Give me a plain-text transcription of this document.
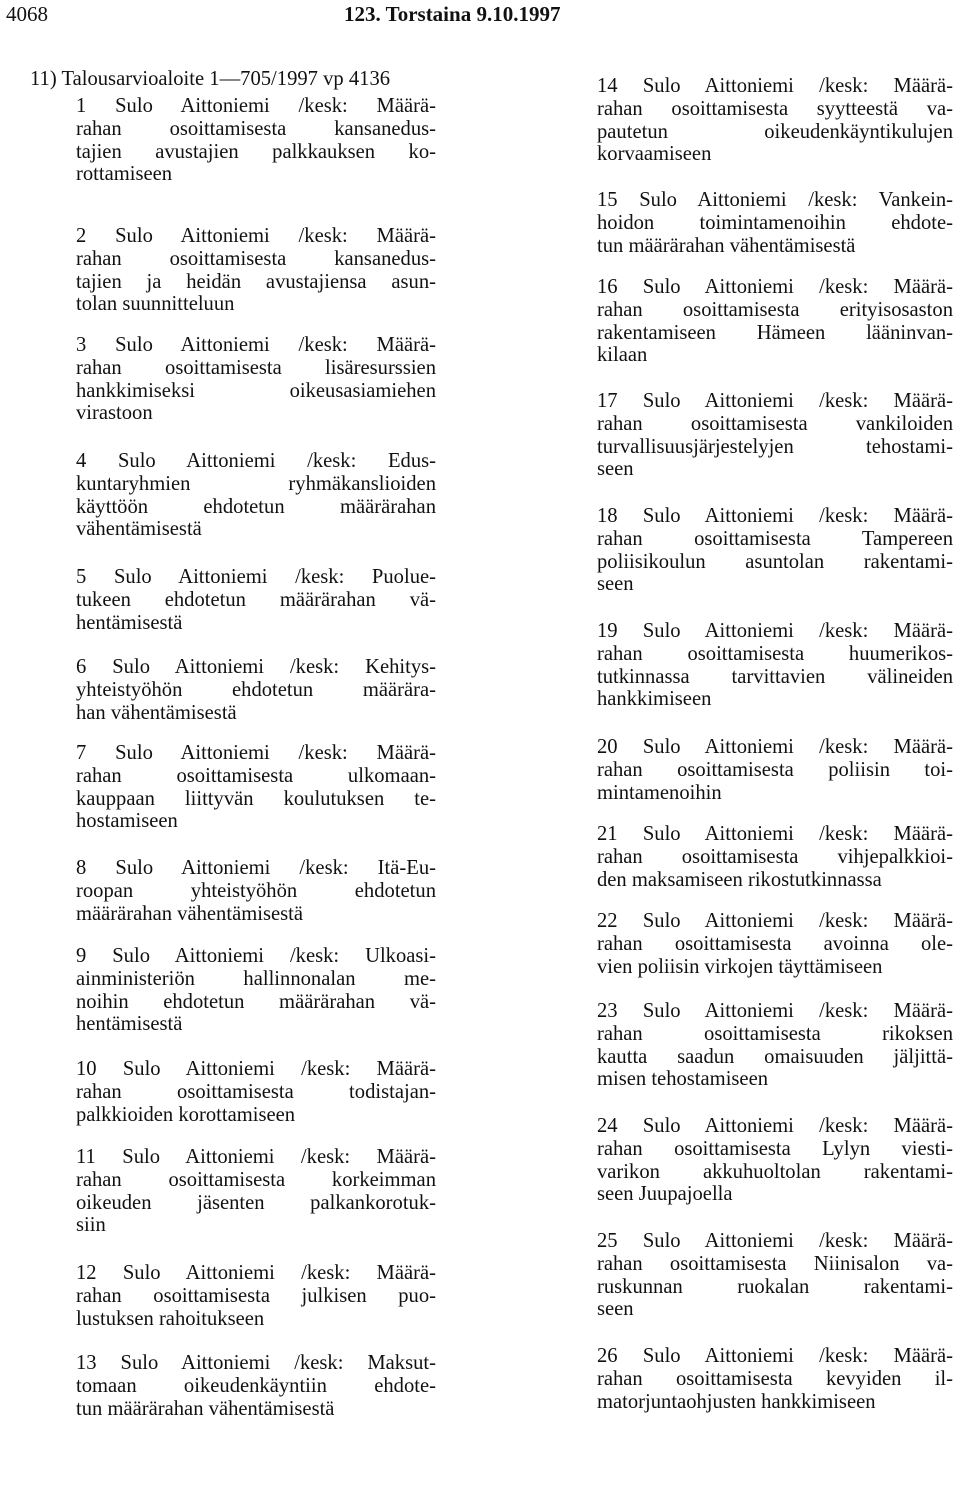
4068	123. Torstaina 9.10.1997
11) Talousarvioaloite 1—705/1997 vp 4136
1 Sulo Aittoniemi /kesk: Määrä-
rahan osoittamisesta kansanedus-
tajien avustajien palkkauksen ko-
rottamiseen
2 Sulo Aittoniemi /kesk: Määrä-
rahan osoittamisesta kansanedus-
tajien ja heidän avustajiensa asun-
tolan suunnitteluun
3 Sulo Aittoniemi /kesk: Määrä-
rahan osoittamisesta lisäresurssien
hankkimiseksi oikeusasiamiehen
virastoon
4 Sulo Aittoniemi /kesk: Edus-
kuntaryhmien ryhmäkanslioiden
käyttöön ehdotetun määrärahan
vähentämisestä
5 Sulo Aittoniemi /kesk: Puolue-
tukeen ehdotetun määrärahan vä-
hentämisestä
6 Sulo Aittoniemi /kesk: Kehitys-
yhteistyöhön ehdotetun määrära-
han vähentämisestä
7 Sulo Aittoniemi /kesk: Määrä-
rahan osoittamisesta ulkomaan-
kauppaan liittyvän koulutuksen te-
hostamiseen
8 Sulo Aittoniemi /kesk: Itä-Eu-
roopan yhteistyöhön ehdotetun
määrärahan vähentämisestä
9 Sulo Aittoniemi /kesk: Ulkoasi-
ainministeriön hallinnonalan me-
noihin ehdotetun määrärahan vä-
hentämisestä
10 Sulo Aittoniemi /kesk: Määrä-
rahan osoittamisesta todistajan-
palkkioiden korottamiseen
11 Sulo Aittoniemi /kesk: Määrä-
rahan osoittamisesta korkeimman
oikeuden jäsenten palkankorotuk-
siin
12 Sulo Aittoniemi /kesk: Määrä-
rahan osoittamisesta julkisen puo-
lustuksen rahoitukseen
13 Sulo Aittoniemi /kesk: Maksut-
tomaan oikeudenkäyntiin ehdote-
tun määrärahan vähentämisestä
14 Sulo Aittoniemi /kesk: Määrä-
rahan osoittamisesta syytteestä va-
pautetun oikeudenkäyntikulujen
korvaamiseen
15 Sulo Aittoniemi /kesk: Vankein-
hoidon toimintamenoihin ehdote-
tun määrärahan vähentämisestä
16 Sulo Aittoniemi /kesk: Määrä-
rahan osoittamisesta erityisosaston
rakentamiseen Hämeen lääninvan-
kilaan
17 Sulo Aittoniemi /kesk: Määrä-
rahan osoittamisesta vankiloiden
turvallisuusjärjestelyjen tehostami-
seen
18 Sulo Aittoniemi /kesk: Määrä-
rahan osoittamisesta Tampereen
poliisikoulun asuntolan rakentami-
seen
19 Sulo Aittoniemi /kesk: Määrä-
rahan osoittamisesta huumerikos-
tutkinnassa tarvittavien välineiden
hankkimiseen
20 Sulo Aittoniemi /kesk: Määrä-
rahan osoittamisesta poliisin toi-
mintamenoihin
21 Sulo Aittoniemi /kesk: Määrä-
rahan osoittamisesta vihjepalkkioi-
den maksamiseen rikostutkinnassa
22 Sulo Aittoniemi /kesk: Määrä-
rahan osoittamisesta avoinna ole-
vien poliisin virkojen täyttämiseen
23 Sulo Aittoniemi /kesk: Määrä-
rahan osoittamisesta rikoksen
kautta saadun omaisuuden jäljittä-
misen tehostamiseen
24 Sulo Aittoniemi /kesk: Määrä-
rahan osoittamisesta Lylyn viesti-
varikon akkuhuoltolan rakentami-
seen Juupajoella
25 Sulo Aittoniemi /kesk: Määrä-
rahan osoittamisesta Niinisalon va-
ruskunnan ruokalan rakentami-
seen
26 Sulo Aittoniemi /kesk: Määrä-
rahan osoittamisesta kevyiden il-
matorjuntaohjusten hankkimiseen
